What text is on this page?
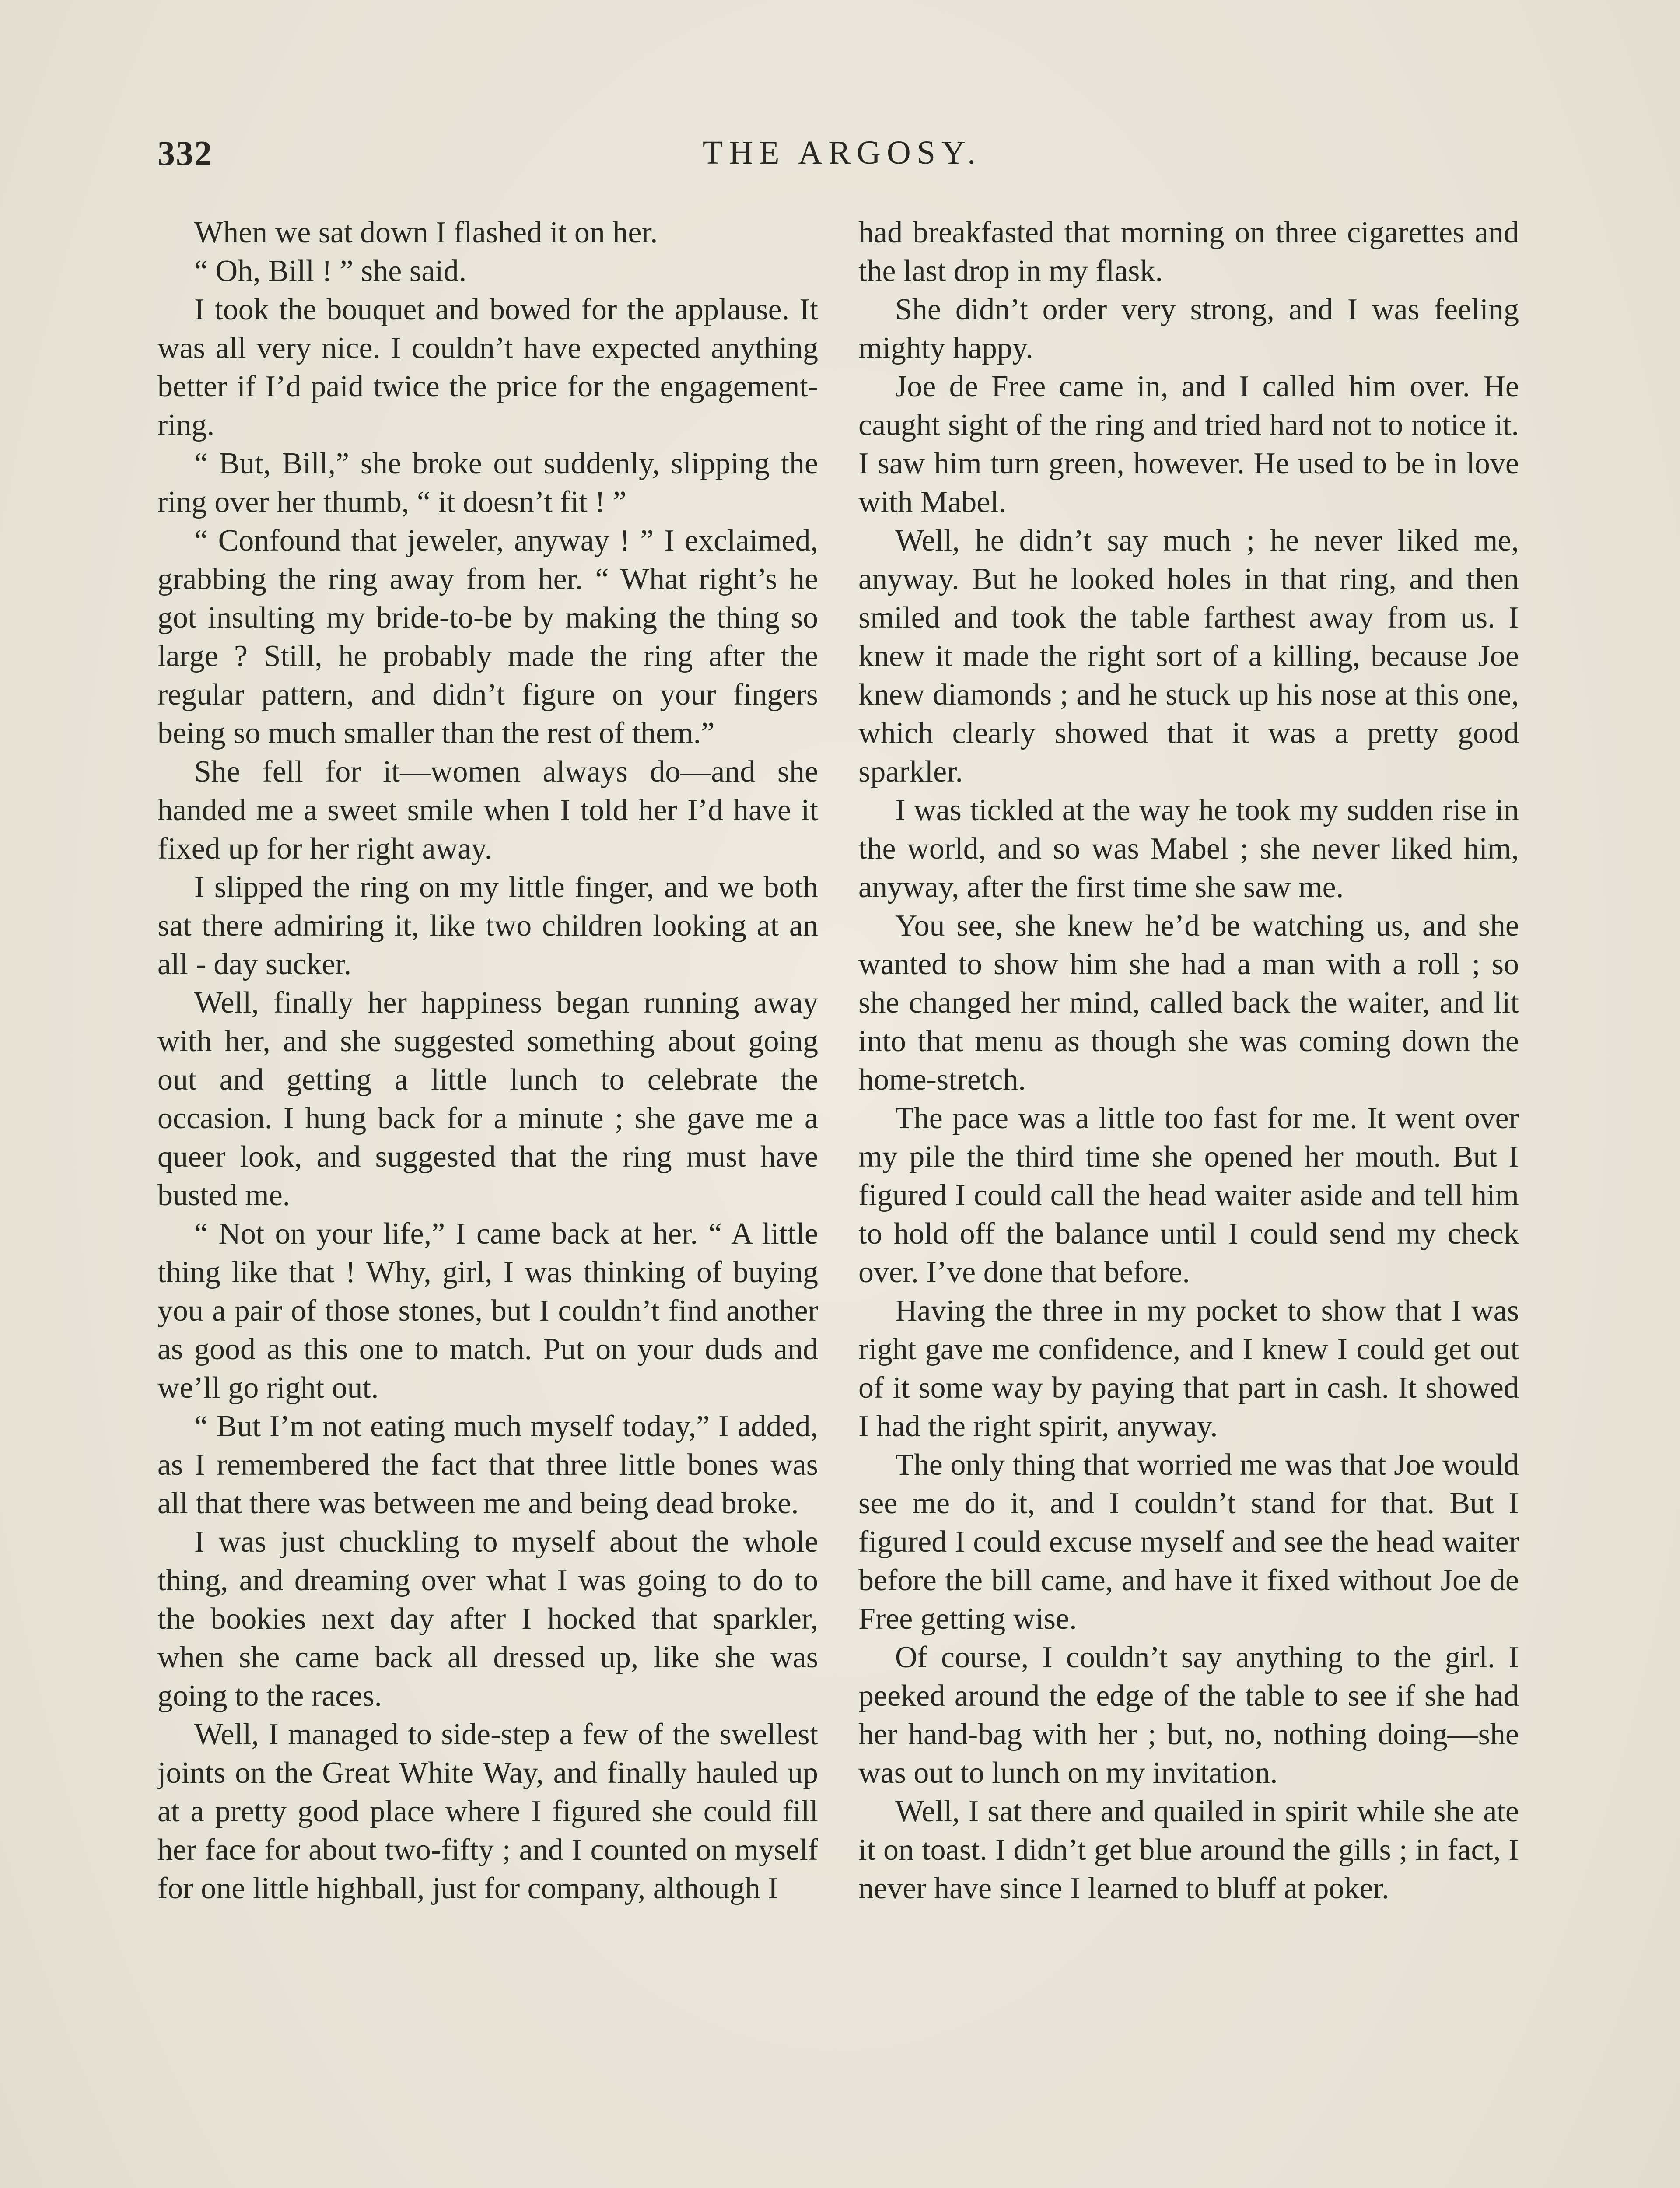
332	THE ARGOSY.

When we sat down I flashed it on her.

“ Oh, Bill ! ” she said.

I took the bouquet and bowed for the applause. It was all very nice. I couldn’t have expected anything better if I’d paid twice the price for the engagement-ring.

“ But, Bill,” she broke out suddenly, slipping the ring over her thumb, “ it doesn’t fit ! ”

“ Confound that jeweler, anyway ! ” I exclaimed, grabbing the ring away from her. “ What right’s he got insulting my bride-to-be by making the thing so large ? Still, he probably made the ring after the regular pattern, and didn’t figure on your fingers being so much smaller than the rest of them.”

She fell for it—women always do—and she handed me a sweet smile when I told her I’d have it fixed up for her right away.

I slipped the ring on my little finger, and we both sat there admiring it, like two children looking at an all - day sucker.

Well, finally her happiness began running away with her, and she suggested something about going out and getting a little lunch to celebrate the occasion. I hung back for a minute ; she gave me a queer look, and suggested that the ring must have busted me.

“ Not on your life,” I came back at her. “ A little thing like that ! Why, girl, I was thinking of buying you a pair of those stones, but I couldn’t find another as good as this one to match. Put on your duds and we’ll go right out.

“ But I’m not eating much myself today,” I added, as I remembered the fact that three little bones was all that there was between me and being dead broke.

I was just chuckling to myself about the whole thing, and dreaming over what I was going to do to the bookies next day after I hocked that sparkler, when she came back all dressed up, like she was going to the races.

Well, I managed to side-step a few of the swellest joints on the Great White Way, and finally hauled up at a pretty good place where I figured she could fill her face for about two-fifty ; and I counted on myself for one little highball, just for company, although I

had breakfasted that morning on three cigarettes and the last drop in my flask.

She didn’t order very strong, and I was feeling mighty happy.

Joe de Free came in, and I called him over. He caught sight of the ring and tried hard not to notice it. I saw him turn green, however. He used to be in love with Mabel.

Well, he didn’t say much ; he never liked me, anyway. But he looked holes in that ring, and then smiled and took the table farthest away from us. I knew it made the right sort of a killing, because Joe knew diamonds ; and he stuck up his nose at this one, which clearly showed that it was a pretty good sparkler.

I was tickled at the way he took my sudden rise in the world, and so was Mabel ; she never liked him, anyway, after the first time she saw me.

You see, she knew he’d be watching us, and she wanted to show him she had a man with a roll ; so she changed her mind, called back the waiter, and lit into that menu as though she was coming down the home-stretch.

The pace was a little too fast for me. It went over my pile the third time she opened her mouth. But I figured I could call the head waiter aside and tell him to hold off the balance until I could send my check over. I’ve done that before.

Having the three in my pocket to show that I was right gave me confidence, and I knew I could get out of it some way by paying that part in cash. It showed I had the right spirit, anyway.

The only thing that worried me was that Joe would see me do it, and I couldn’t stand for that. But I figured I could excuse myself and see the head waiter before the bill came, and have it fixed without Joe de Free getting wise.

Of course, I couldn’t say anything to the girl. I peeked around the edge of the table to see if she had her hand-bag with her ; but, no, nothing doing—she was out to lunch on my invitation.

Well, I sat there and quailed in spirit while she ate it on toast. I didn’t get blue around the gills ; in fact, I never have since I learned to bluff at poker.
